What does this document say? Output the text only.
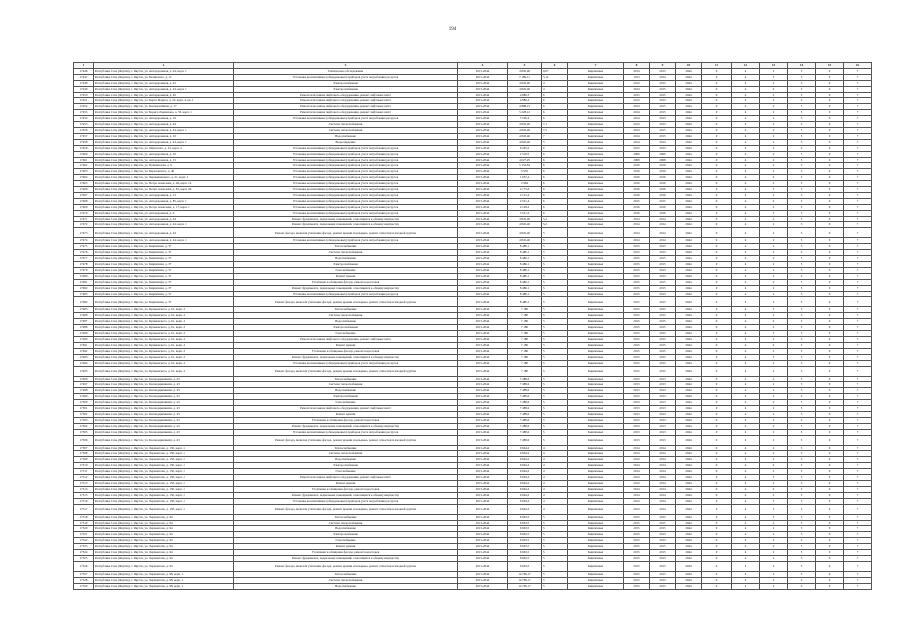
194
1	2	3	4	5	6	7	8	9	10	11	12	13	14	15	16
17446	Республика Саха (Якутия), г. Якутск, ул. Автодорожная, д. 44, корп. 1	Техническое обследование	2015-2044	4 845,40	0,67	Кирпичные	2014	2015	2044	0	4	2	5	0	7
17447	Республика Саха (Якутия), г. Якутск, ул. Белинского, д. 11	Установка коллективных (общедомовых) приборов учета потребления ресурсов	2015-2044	7 189,11	5,12	Кирпичные	1913	2014	2044	0	4	2	5	0	7
17448	Республика Саха (Якутия), г. Якутск, ул. Автодорожная, д. 42	Электроснабжение	2015-2044	4 845,40	4	Кирпичные	2014	2015	2044	0	4	2	5	0	7
17449	Республика Саха (Якутия), г. Якутск, ул. Автодорожная, д. 44, корп. 1	Электроснабжение	2015-2044	4 845,40	4	Кирпичные	2014	2015	2044	0	4	2	5	0	7
17450	Республика Саха (Якутия), г. Якутск, ул. Автодорожная, д. 40	Ремонт или замена лифтового оборудования, ремонт лифтовых шахт	2015-2044	4 880,3	6	Кирпичные	2015	2015	2044	0	4	2	5	0	7
17451	Республика Саха (Якутия), г. Якутск, ул. Карла Маркса, д. 22, корп. 4, кв. 1	Ремонт или замена лифтового оборудования, ремонт лифтовых шахт	2015-2044	4 880,3	6	Кирпичные	2014	2015	2044	0	4	2	5	0	7
17452	Республика Саха (Якутия), г. Якутск, ул. Кооперативная, д. 17	Ремонт или замена лифтового оборудования, ремонт лифтовых шахт	2015-2044	4 888,21	6	Кирпичные	2014	2015	2044	0	4	2	5	0	7
17453	Республика Саха (Якутия), г. Якутск, ул. Бориса Ларионова, д. 33, корп. 1	Ремонт или замена лифтового оборудования, ремонт лифтовых шахт	2015-2044	5 228,12	6	Кирпичные	2014	2015	2044	0	4	2	5	0	7
17454	Республика Саха (Якутия), г. Якутск, ул. Автодорожная, д. 16	Установка коллективных (общедомовых) приборов учета потребления ресурсов	2015-2044	5 196,4	6	Кирпичные	2014	2015	2044	0	4	2	5	0	7
17455	Республика Саха (Якутия), г. Якутск, ул. Автодорожная, д. 44	Система теплоснабжения	2015-2044	4 845,40	7,1	Кирпичные	2014	2015	2044	0	4	2	5	0	7
17456	Республика Саха (Якутия), г. Якутск, ул. Автодорожная, д. 44, корп. 1	Система теплоснабжения	2015-2044	4 845,40	7,5	Кирпичные	2014	2015	2044	0	4	2	5	0	7
17457	Республика Саха (Якутия), г. Якутск, ул. Автодорожная, д. 16	Водоснабжение	2015-2044	4 845,40	7	Кирпичные	2014	2015	2044	0	4	2	5	0	7
17458	Республика Саха (Якутия), г. Якутск, ул. Автодорожная, д. 44, корп. 1	Водоотведение	2015-2044	4 845,40	5	Кирпичные	2014	2014	2044	0	4	2	5	0	7
17459	Республика Саха (Якутия), г. Якутск, ул. Ойунского, д. 25, корп. 4	Установка коллективных (общедомовых) приборов учета потребления ресурсов	2015-2044	6 265,2	6	Кирпичные	2015	2015	2044	0	4	2	5	0	7
17460	Республика Саха (Якутия), г. Якутск, ул. Автодорожная, д. 10	Установка коллективных (общедомовых) приборов учета потребления ресурсов	2015-2044	2 510,5	6	Кирпичные	2009	2009	2044	0	4	2	5	0	7
17461	Республика Саха (Якутия), г. Якутск, ул. Автодорожная, д. 15	Установка коллективных (общедомовых) приборов учета потребления ресурсов	2015-2044	4 027,25	6	Кирпичные	2008	2008	2044	0	4	2	5	0	7
17462	Республика Саха (Якутия), г. Якутск, ул. Пушкинская, д. 9	Установка коллективных (общедомовых) приборов учета потребления ресурсов	2015-2044	5 154,83	6	Кирпичные	2010	2010	2044	0	4	2	5	0	7
17463	Республика Саха (Якутия), г. Якутск, ул. Березовского, д. 40	Установка коллективных (общедомовых) приборов учета потребления ресурсов	2015-2044	5 935	6	Кирпичные	2010	2010	2044	0	4	2	5	0	7
17464	Республика Саха (Якутия), г. Якутск, ул. Чернышевского, д. 21, корп. 1	Установка коллективных (общедомовых) приборов учета потребления ресурсов	2015-2044	1 657,4	6	Кирпичные	2010	2010	2044	0	4	2	5	0	7
17465	Республика Саха (Якутия), г. Якутск, ул. Петра Алексеева, д. 49, корп. 14	Установка коллективных (общедомовых) приборов учета потребления ресурсов	2015-2044	2 994	6	Кирпичные	2016	2016	2044	0	4	2	5	0	7
17466	Республика Саха (Якутия), г. Якутск, ул. Петра Алексеева, д. 81, корп. 29	Установка коллективных (общедомовых) приборов учета потребления ресурсов	2015-2044	2 175,6	6	Кирпичные	2016	2016	2044	0	4	2	5	0	7
17467	Республика Саха (Якутия), г. Якутск, ул. Автодорожная, д. 12	Установка коллективных (общедомовых) приборов учета потребления ресурсов	2015-2044	2 121,4	6	Кирпичные	2016	2016	2044	0	4	2	5	0	7
17468	Республика Саха (Якутия), г. Якутск, ул. Автодорожная, д. 85, корп. 1	Установка коллективных (общедомовых) приборов учета потребления ресурсов	2015-2044	2 521,4	6	Кирпичные	2015	2015	2044	0	4	2	5	0	7
17469	Республика Саха (Якутия), г. Якутск, ул. Петра Алексеева, д. 17, корп. 1	Установка коллективных (общедомовых) приборов учета потребления ресурсов	2015-2044	4 109,2	6	Кирпичные	2016	2016	2044	0	4	2	5	0	7
17470	Республика Саха (Якутия), г. Якутск, ул. Автодорожная, д. 9	Установка коллективных (общедомовых) приборов учета потребления ресурсов	2015-2044	5 521,2	6	Кирпичные	2016	2016	2044	0	4	2	5	0	7
17471	Республика Саха (Якутия), г. Якутск, ул. Автодорожная, д. 44	Ремонт фундамента, подвальных помещений, относящихся к общему имуществу	2015-2044	4 845,40	5,2	Кирпичные	2014	2014	2044	0	4	2	5	0	7
17472	Республика Саха (Якутия), г. Якутск, ул. Автодорожная, д. 44, корп. 1	Ремонт фундамента, подвальных помещений, относящихся к общему имуществу	2015-2044	4 845,40	5,2	Кирпичные	2014	2014	2044	0	4	2	5	0	7
17473	Республика Саха (Якутия), г. Якутск, ул. Автодорожная, д. 44	Ремонт фасада, включая утепление фасада, ремонт крыши и козырька, ремонт отмостки и входной группы	2015-2044	4 845,40	5	Кирпичные	2014	2014	2044	0	4	2	5	0	7
17474	Республика Саха (Якутия), г. Якутск, ул. Автодорожная, д. 44, корп. 1	Установка коллективных (общедомовых) приборов учета потребления ресурсов	2015-2044	4 845,40	5	Кирпичные	2014	2014	2044	0	4	2	5	0	7
17475	Республика Саха (Якутия), г. Якутск, ул. Кирпичная, д. 37	Теплоснабжение	2015-2044	8 486,1	5	Кирпичные	2015	2015	2044	0	4	2	5	0	7
17476	Республика Саха (Якутия), г. Якутск, ул. Кирпичная, д. 37	Система теплоснабжения	2015-2044	8 486,1	5	Кирпичные	2015	2015	2044	0	4	2	5	0	7
17477	Республика Саха (Якутия), г. Якутск, ул. Кирпичная, д. 37	Водоснабжение	2015-2044	8 486,1	5	Кирпичные	2015	2015	2044	0	4	2	5	0	7
17478	Республика Саха (Якутия), г. Якутск, ул. Кирпичная, д. 37	Электроснабжение	2015-2044	8 486,1	5	Кирпичные	2015	2015	2044	0	4	2	5	0	7
17479	Республика Саха (Якутия), г. Якутск, ул. Кирпичная, д. 37	Газоснабжение	2015-2044	8 486,1	5	Кирпичные	2015	2015	2044	0	4	2	5	0	7
17480	Республика Саха (Якутия), г. Якутск, ул. Кирпичная, д. 37	Ремонт крыши	2015-2044	8 486,1	5	Кирпичные	2015	2015	2044	0	4	2	5	0	7
17481	Республика Саха (Якутия), г. Якутск, ул. Кирпичная, д. 37	Утепление и облицовка фасада, ремонт водостоков	2015-2044	8 486,1	5	Кирпичные	2015	2015	2044	0	4	2	5	0	7
17482	Республика Саха (Якутия), г. Якутск, ул. Кирпичная, д. 37	Ремонт фундамента, подвальных помещений, относящихся к общему имуществу	2015-2044	8 486,1	5	Кирпичные	2015	2015	2044	0	4	2	5	0	7
17483	Республика Саха (Якутия), г. Якутск, ул. Кирпичная, д. 37	Установка коллективных (общедомовых) приборов учета потребления ресурсов	2015-2044	8 486,1	5	Кирпичные	2015	2015	2044	0	4	2	5	0	7
17484	Республика Саха (Якутия), г. Якутск, ул. Кирпичная, д. 37	Ремонт фасада, включая утепление фасада, ремонт крыши и козырька, ремонт отмостки и входной группы	2015-2044	8 486,1	5	Кирпичные	2015	2015	2044	0	4	2	5	0	7
17485	Республика Саха (Якутия), г. Якутск, ул. Кулаковского, д. 61, корп. 2	Теплоснабжение	2015-2044	7 180	5	Кирпичные	2015	2015	2044	0	4	2	5	0	7
17486	Республика Саха (Якутия), г. Якутск, ул. Кулаковского, д. 61, корп. 2	Система теплоснабжения	2015-2044	7 180	5	Кирпичные	2015	2015	2044	0	4	2	5	0	7
17487	Республика Саха (Якутия), г. Якутск, ул. Кулаковского, д. 61, корп. 2	Водоснабжение	2015-2044	7 180	5	Кирпичные	2015	2015	2044	0	4	2	5	0	7
17488	Республика Саха (Якутия), г. Якутск, ул. Кулаковского, д. 61, корп. 2	Электроснабжение	2015-2044	7 180	5	Кирпичные	2015	2015	2044	0	4	2	5	0	7
17489	Республика Саха (Якутия), г. Якутск, ул. Кулаковского, д. 61, корп. 2	Газоснабжение	2015-2044	7 180	5	Кирпичные	2015	2015	2044	0	4	2	5	0	7
17490	Республика Саха (Якутия), г. Якутск, ул. Кулаковского, д. 61, корп. 2	Ремонт или замена лифтового оборудования, ремонт лифтовых шахт	2015-2044	7 180	5	Кирпичные	2015	2015	2044	0	4	2	5	0	7
17491	Республика Саха (Якутия), г. Якутск, ул. Кулаковского, д. 61, корп. 2	Ремонт крыши	2015-2044	7 180	5	Кирпичные	2015	2015	2044	0	4	2	5	0	7
17492	Республика Саха (Якутия), г. Якутск, ул. Кулаковского, д. 61, корп. 2	Утепление и облицовка фасада, ремонт водостоков	2015-2044	7 180	5	Кирпичные	2015	2015	2044	0	4	2	5	0	7
17493	Республика Саха (Якутия), г. Якутск, ул. Кулаковского, д. 61, корп. 2	Ремонт фундамента, подвальных помещений, относящихся к общему имуществу	2015-2044	7 180	5	Кирпичные	2015	2015	2044	0	4	2	5	0	7
17494	Республика Саха (Якутия), г. Якутск, ул. Кулаковского, д. 61, корп. 2	Установка коллективных (общедомовых) приборов учета потребления ресурсов	2015-2044	7 180	5	Кирпичные	2015	2015	2044	0	4	2	5	0	7
17495	Республика Саха (Якутия), г. Якутск, ул. Кулаковского, д. 61, корп. 2	Ремонт фасада, включая утепление фасада, ремонт крыши и козырька, ремонт отмостки и входной группы	2015-2044	7 180	5	Кирпичные	2015	2015	2044	0	4	2	5	0	7
17496	Республика Саха (Якутия), г. Якутск, ул. Каландаришвили, д. 43	Теплоснабжение	2015-2044	7 488,6	5	Кирпичные	2013	2013	2044	0	4	2	5	0	7
17497	Республика Саха (Якутия), г. Якутск, ул. Каландаришвили, д. 43	Система теплоснабжения	2015-2044	7 488,6	5	Кирпичные	2013	2013	2044	0	4	2	5	0	7
17498	Республика Саха (Якутия), г. Якутск, ул. Каландаришвили, д. 43	Водоснабжение	2015-2044	7 488,6	5	Кирпичные	2013	2013	2044	0	4	2	5	0	7
17499	Республика Саха (Якутия), г. Якутск, ул. Каландаришвили, д. 43	Электроснабжение	2015-2044	7 488,6	5	Кирпичные	2013	2013	2044	0	4	2	5	0	7
17500	Республика Саха (Якутия), г. Якутск, ул. Каландаришвили, д. 43	Газоснабжение	2015-2044	7 488,6	5	Кирпичные	2013	2013	2044	0	4	2	5	0	7
17501	Республика Саха (Якутия), г. Якутск, ул. Каландаришвили, д. 43	Ремонт или замена лифтового оборудования, ремонт лифтовых шахт	2015-2044	7 488,6	5	Кирпичные	2013	2013	2044	0	4	2	5	0	7
17502	Республика Саха (Якутия), г. Якутск, ул. Каландаришвили, д. 43	Ремонт крыши	2015-2044	7 488,6	5	Кирпичные	2013	2013	2044	0	4	2	5	0	7
17503	Республика Саха (Якутия), г. Якутск, ул. Каландаришвили, д. 43	Утепление и облицовка фасада, ремонт водостоков	2015-2044	7 488,6	5	Кирпичные	2013	2013	2044	0	4	2	5	0	7
17504	Республика Саха (Якутия), г. Якутск, ул. Каландаришвили, д. 43	Ремонт фундамента, подвальных помещений, относящихся к общему имуществу	2015-2044	7 488,6	5	Кирпичные	2013	2013	2044	0	4	2	5	0	7
17505	Республика Саха (Якутия), г. Якутск, ул. Каландаришвили, д. 43	Установка коллективных (общедомовых) приборов учета потребления ресурсов	2015-2044	7 488,6	5	Кирпичные	2013	2013	2044	0	4	2	5	0	7
17506	Республика Саха (Якутия), г. Якутск, ул. Каландаришвили, д. 43	Ремонт фасада, включая утепление фасада, ремонт крыши и козырька, ремонт отмостки и входной группы	2015-2044	7 488,6	5	Кирпичные	2013	2013	2044	0	4	2	5	0	7
17507	Республика Саха (Якутия), г. Якутск, ул. Лермонтова, д. 150, корп. 1	Теплоснабжение	2015-2044	9 664,2	4	Кирпичные	2014	2014	2044	0	4	2	5	0	7
17508	Республика Саха (Якутия), г. Якутск, ул. Лермонтова, д. 150, корп. 1	Система теплоснабжения	2015-2044	9 664,2	4	Кирпичные	2014	2014	2044	0	4	2	5	0	7
17509	Республика Саха (Якутия), г. Якутск, ул. Лермонтова, д. 150, корп. 1	Водоснабжение	2015-2044	9 664,2	4	Кирпичные	2014	2014	2044	0	4	2	5	0	7
17510	Республика Саха (Якутия), г. Якутск, ул. Лермонтова, д. 150, корп. 1	Электроснабжение	2015-2044	9 664,2	4	Кирпичные	2014	2014	2044	0	4	2	5	0	7
17511	Республика Саха (Якутия), г. Якутск, ул. Лермонтова, д. 150, корп. 1	Газоснабжение	2015-2044	9 664,2	4	Кирпичные	2014	2014	2044	0	4	2	5	0	7
17512	Республика Саха (Якутия), г. Якутск, ул. Лермонтова, д. 150, корп. 1	Ремонт или замена лифтового оборудования, ремонт лифтовых шахт	2015-2044	9 664,2	4	Кирпичные	2014	2014	2044	0	4	2	5	0	7
17513	Республика Саха (Якутия), г. Якутск, ул. Лермонтова, д. 150, корп. 1	Ремонт крыши	2015-2044	9 664,2	4	Кирпичные	2014	2014	2044	0	4	2	5	0	7
17514	Республика Саха (Якутия), г. Якутск, ул. Лермонтова, д. 150, корп. 1	Утепление и облицовка фасада, ремонт водостоков	2015-2044	9 664,2	4	Кирпичные	2014	2014	2044	0	4	2	5	0	7
17515	Республика Саха (Якутия), г. Якутск, ул. Лермонтова, д. 150, корп. 1	Ремонт фундамента, подвальных помещений, относящихся к общему имуществу	2015-2044	9 664,2	4	Кирпичные	2014	2014	2044	0	4	2	5	0	7
17516	Республика Саха (Якутия), г. Якутск, ул. Лермонтова, д. 150, корп. 1	Установка коллективных (общедомовых) приборов учета потребления ресурсов	2015-2044	9 664,2	4	Кирпичные	2014	2014	2044	0	4	2	5	0	7
17517	Республика Саха (Якутия), г. Якутск, ул. Лермонтова, д. 150, корп. 1	Ремонт фасада, включая утепление фасада, ремонт крыши и козырька, ремонт отмостки и входной группы	2015-2044	9 664,2	4	Кирпичные	2014	2014	2044	0	4	2	5	0	7
17518	Республика Саха (Якутия), г. Якутск, ул. Лермонтова, д. 94	Теплоснабжение	2015-2044	6 663,5	5	Кирпичные	2015	2015	2044	0	4	2	5	0	7
17519	Республика Саха (Якутия), г. Якутск, ул. Лермонтова, д. 94	Система теплоснабжения	2015-2044	6 663,5	5	Кирпичные	2015	2015	2044	0	4	2	5	0	7
17520	Республика Саха (Якутия), г. Якутск, ул. Лермонтова, д. 94	Водоснабжение	2015-2044	6 663,5	5	Кирпичные	2015	2015	2044	0	4	2	5	0	7
17521	Республика Саха (Якутия), г. Якутск, ул. Лермонтова, д. 94	Электроснабжение	2015-2044	6 663,5	5	Кирпичные	2015	2015	2044	0	4	2	5	0	7
17522	Республика Саха (Якутия), г. Якутск, ул. Лермонтова, д. 94	Газоснабжение	2015-2044	6 663,5	5	Кирпичные	2015	2015	2044	0	4	2	5	0	7
17523	Республика Саха (Якутия), г. Якутск, ул. Лермонтова, д. 94	Ремонт крыши	2015-2044	6 663,5	5	Кирпичные	2015	2015	2044	0	4	2	5	0	7
17524	Республика Саха (Якутия), г. Якутск, ул. Лермонтова, д. 94	Утепление и облицовка фасада, ремонт водостоков	2015-2044	6 663,5	5	Кирпичные	2015	2015	2044	0	4	2	5	0	7
17525	Республика Саха (Якутия), г. Якутск, ул. Лермонтова, д. 94	Ремонт фундамента, подвальных помещений, относящихся к общему имуществу	2015-2044	6 663,5	5	Кирпичные	2015	2015	2044	0	4	2	5	0	7
17526	Республика Саха (Якутия), г. Якутск, ул. Лермонтова, д. 94	Ремонт фасада, включая утепление фасада, ремонт крыши и козырька, ремонт отмостки и входной группы	2015-2044	6 663,5	5	Кирпичные	2015	2015	2044	0	4	2	5	0	7
17527	Республика Саха (Якутия), г. Якутск, ул. Лермонтова, д. 98, корп. 1	Теплоснабжение	2015-2044	14 709,17	5	Кирпичные	2015	2015	2044	0	4	2	5	0	7
17528	Республика Саха (Якутия), г. Якутск, ул. Лермонтова, д. 98, корп. 1	Система теплоснабжения	2015-2044	14 709,17	5	Кирпичные	2015	2015	2044	0	4	2	5	0	7
17529	Республика Саха (Якутия), г. Якутск, ул. Лермонтова, д. 98, корп. 1	Водоснабжение	2015-2044	14 709,17	5	Кирпичные	2015	2015	2044	0	4	2	5	0	7
